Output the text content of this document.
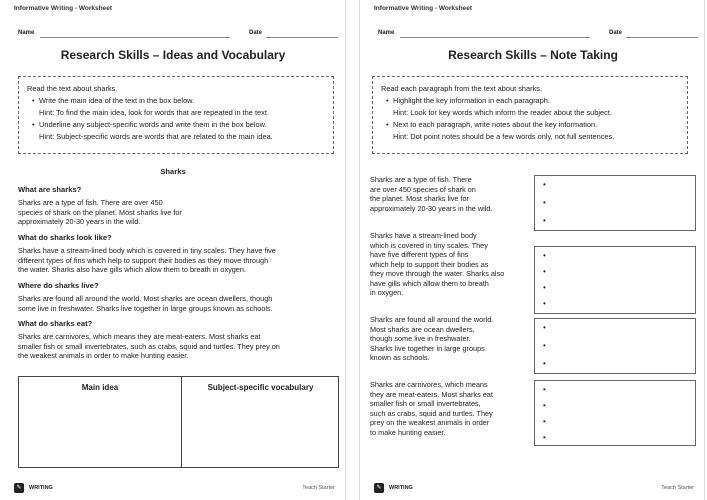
Informative Writing - Worksheet
Name	Date
Research Skills – Ideas and Vocabulary
Read the text about sharks.
• Write the main idea of the text in the box below.
Hint: To find the main idea, look for words that are repeated in the text.
• Underline any subject-specific words and write them in the box below.
Hint: Subject-specific words are words that are related to the main idea.
Sharks
What are sharks?
Sharks are a type of fish. There are over 450
species of shark on the planet. Most sharks live for
approximately 20-30 years in the wild.
What do sharks look like?
Sharks have a stream-lined body which is covered in tiny scales. They have five
different types of fins which help to support their bodies as they move through
the water. Sharks also have gills which allow them to breath in oxygen.
Where do sharks live?
Sharks are found all around the world. Most sharks are ocean dwellers, though
some live in freshwater. Sharks live together in large groups known as schools.
What do sharks eat?
Sharks are carnivores, which means they are meat-eaters. Most sharks eat
smaller fish or small invertebrates, such as crabs, squid and turtles. They prey on
the weakest animals in order to make hunting easier.
Main idea	Subject-specific vocabulary
✎	WRITING	Teach Starter
Informative Writing - Worksheet
Name	Date
Research Skills – Note Taking
Read each paragraph from the text about sharks.
• Highlight the key information in each paragraph.
Hint: Look for key words which inform the reader about the subject.
• Next to each paragraph, write notes about the key information.
Hint: Dot point notes should be a few words only, not full sentences.
Sharks are a type of fish. There
are over 450 species of shark on
the planet. Most sharks live for
approximately 20-30 years in the wild.
•
•
•
Sharks have a stream-lined body
which is covered in tiny scales. They
have five different types of fins
which help to support their bodies as
they move through the water. Sharks also
have gills which allow them to breath
in oxygen.
•
•
•
•
Sharks are found all around the world.
Most sharks are ocean dwellers,
though some live in freshwater.
Sharks live together in large groups
known as schools.
•
•
•
Sharks are carnivores, which means
they are meat-eaters. Most sharks eat
smaller fish or small invertebrates,
such as crabs, squid and turtles. They
prey on the weakest animals in order
to make hunting easier.
•
•
•
•
✎	WRITING	Teach Starter
